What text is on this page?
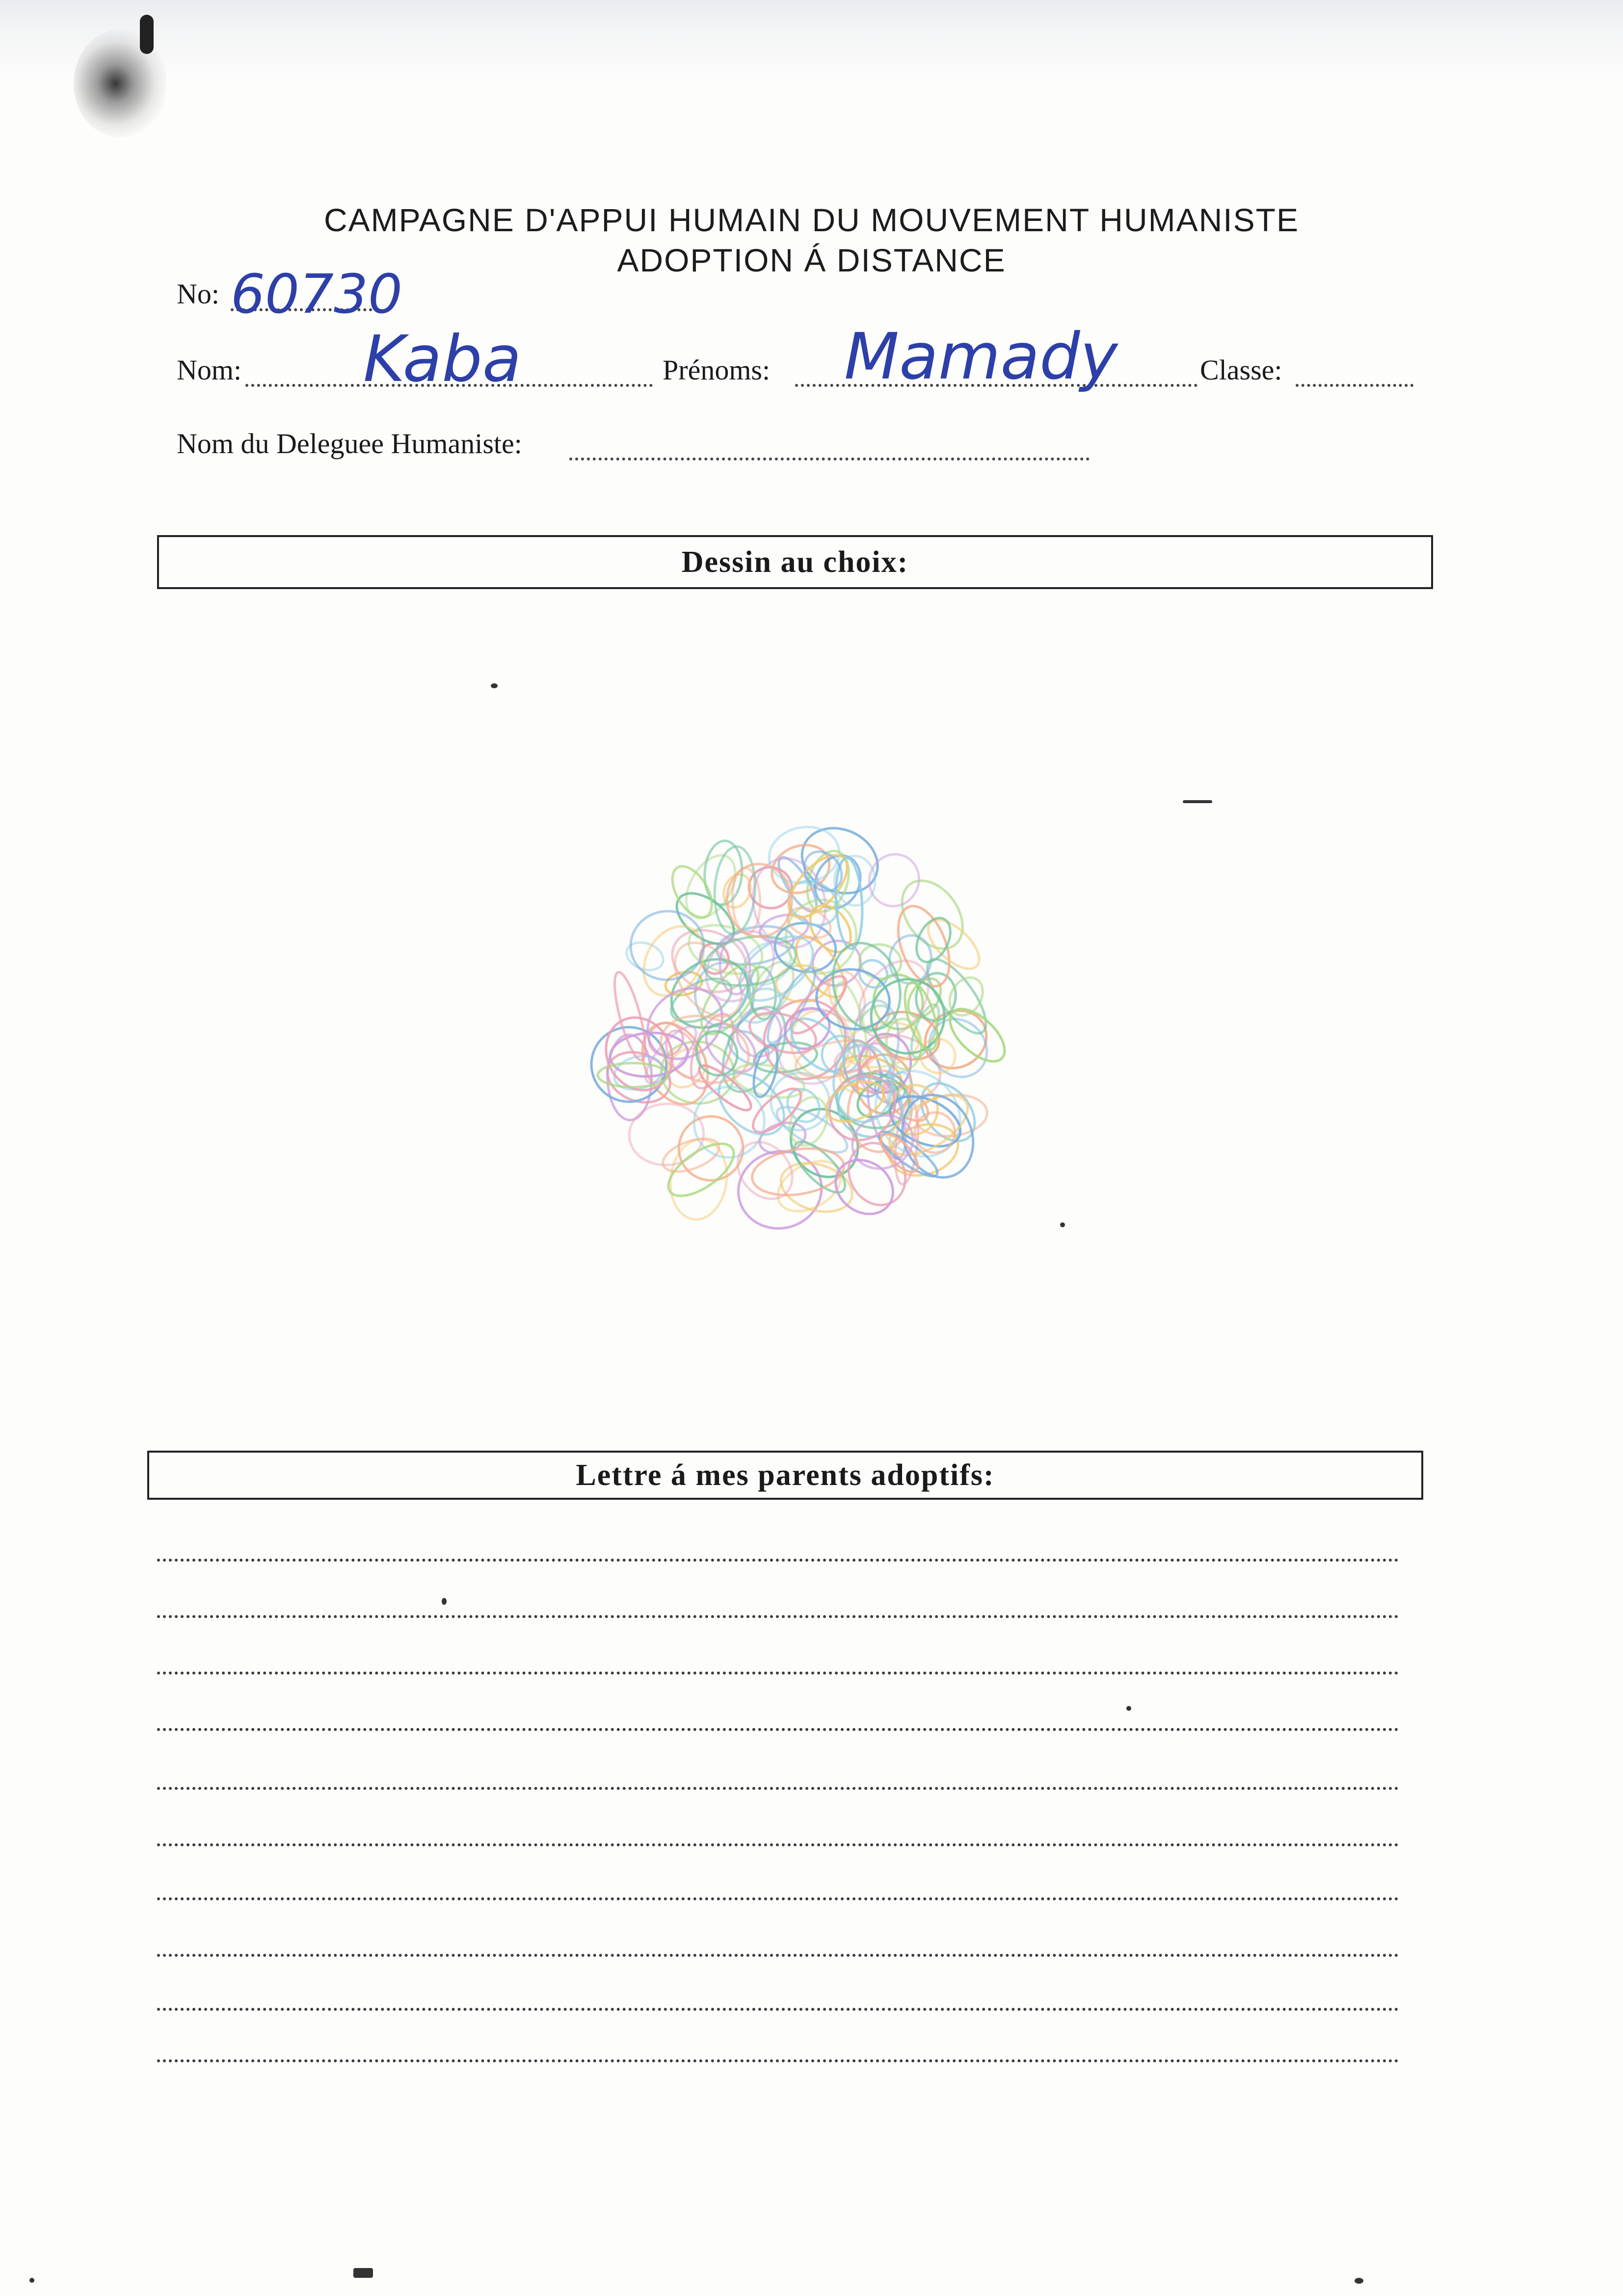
CAMPAGNE D'APPUI HUMAIN DU MOUVEMENT HUMANISTE
ADOPTION Á DISTANCE
No: 60730
Nom: Kaba	Prénoms: Mamady	Classe:
Nom du Deleguee Humaniste:
Dessin au choix:
Lettre á mes parents adoptifs:
